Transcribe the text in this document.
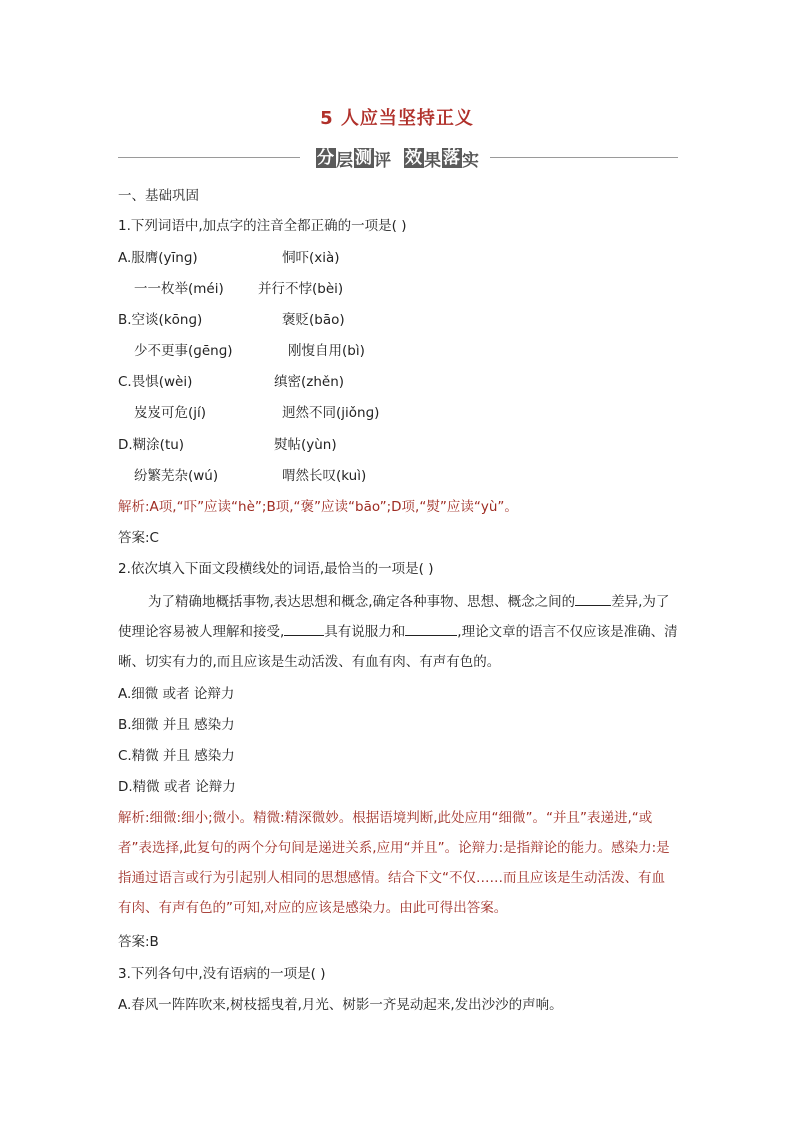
5 人应当坚持正义
分 层 测 评 效 果 落 实
一、基础巩固
1.下列词语中,加点字的注音全都正确的一项是( )
A.服膺(yīnɡ)	恫吓(xià)
一一枚举(méi)	并行不悖(bèi)
B.空谈(kōnɡ)	褒贬(bāo)
少不更事(ɡēnɡ)	刚愎自用(bì)
C.畏惧(wèi)	缜密(zhěn)
岌岌可危(jí)	迥然不同(jiǒnɡ)
D.糊涂(tu)	熨帖(yùn)
纷繁芜杂(wú)	喟然长叹(kuì)
解析:A项,“吓”应读“hè”;B项,“褒”应读“bāo”;D项,“熨”应读“yù”。
答案:C
2.依次填入下面文段横线处的词语,最恰当的一项是( )
为了精确地概括事物,表达思想和概念,确定各种事物、思想、概念之间的	差异,为了使理论容易被人理解和接受,	具有说服力和	,理论文章的语言不仅应该是准确、清晰、切实有力的,而且应该是生动活泼、有血有肉、有声有色的。
A.细微 或者 论辩力
B.细微 并且 感染力
C.精微 并且 感染力
D.精微 或者 论辩力
解析:细微:细小;微小。精微:精深微妙。根据语境判断,此处应用“细微”。“并且”表递进,“或者”表选择,此复句的两个分句间是递进关系,应用“并且”。论辩力:是指辩论的能力。感染力:是指通过语言或行为引起别人相同的思想感情。结合下文“不仅……而且应该是生动活泼、有血有肉、有声有色的”可知,对应的应该是感染力。由此可得出答案。
答案:B
3.下列各句中,没有语病的一项是( )
A.春风一阵阵吹来,树枝摇曳着,月光、树影一齐晃动起来,发出沙沙的声响。
